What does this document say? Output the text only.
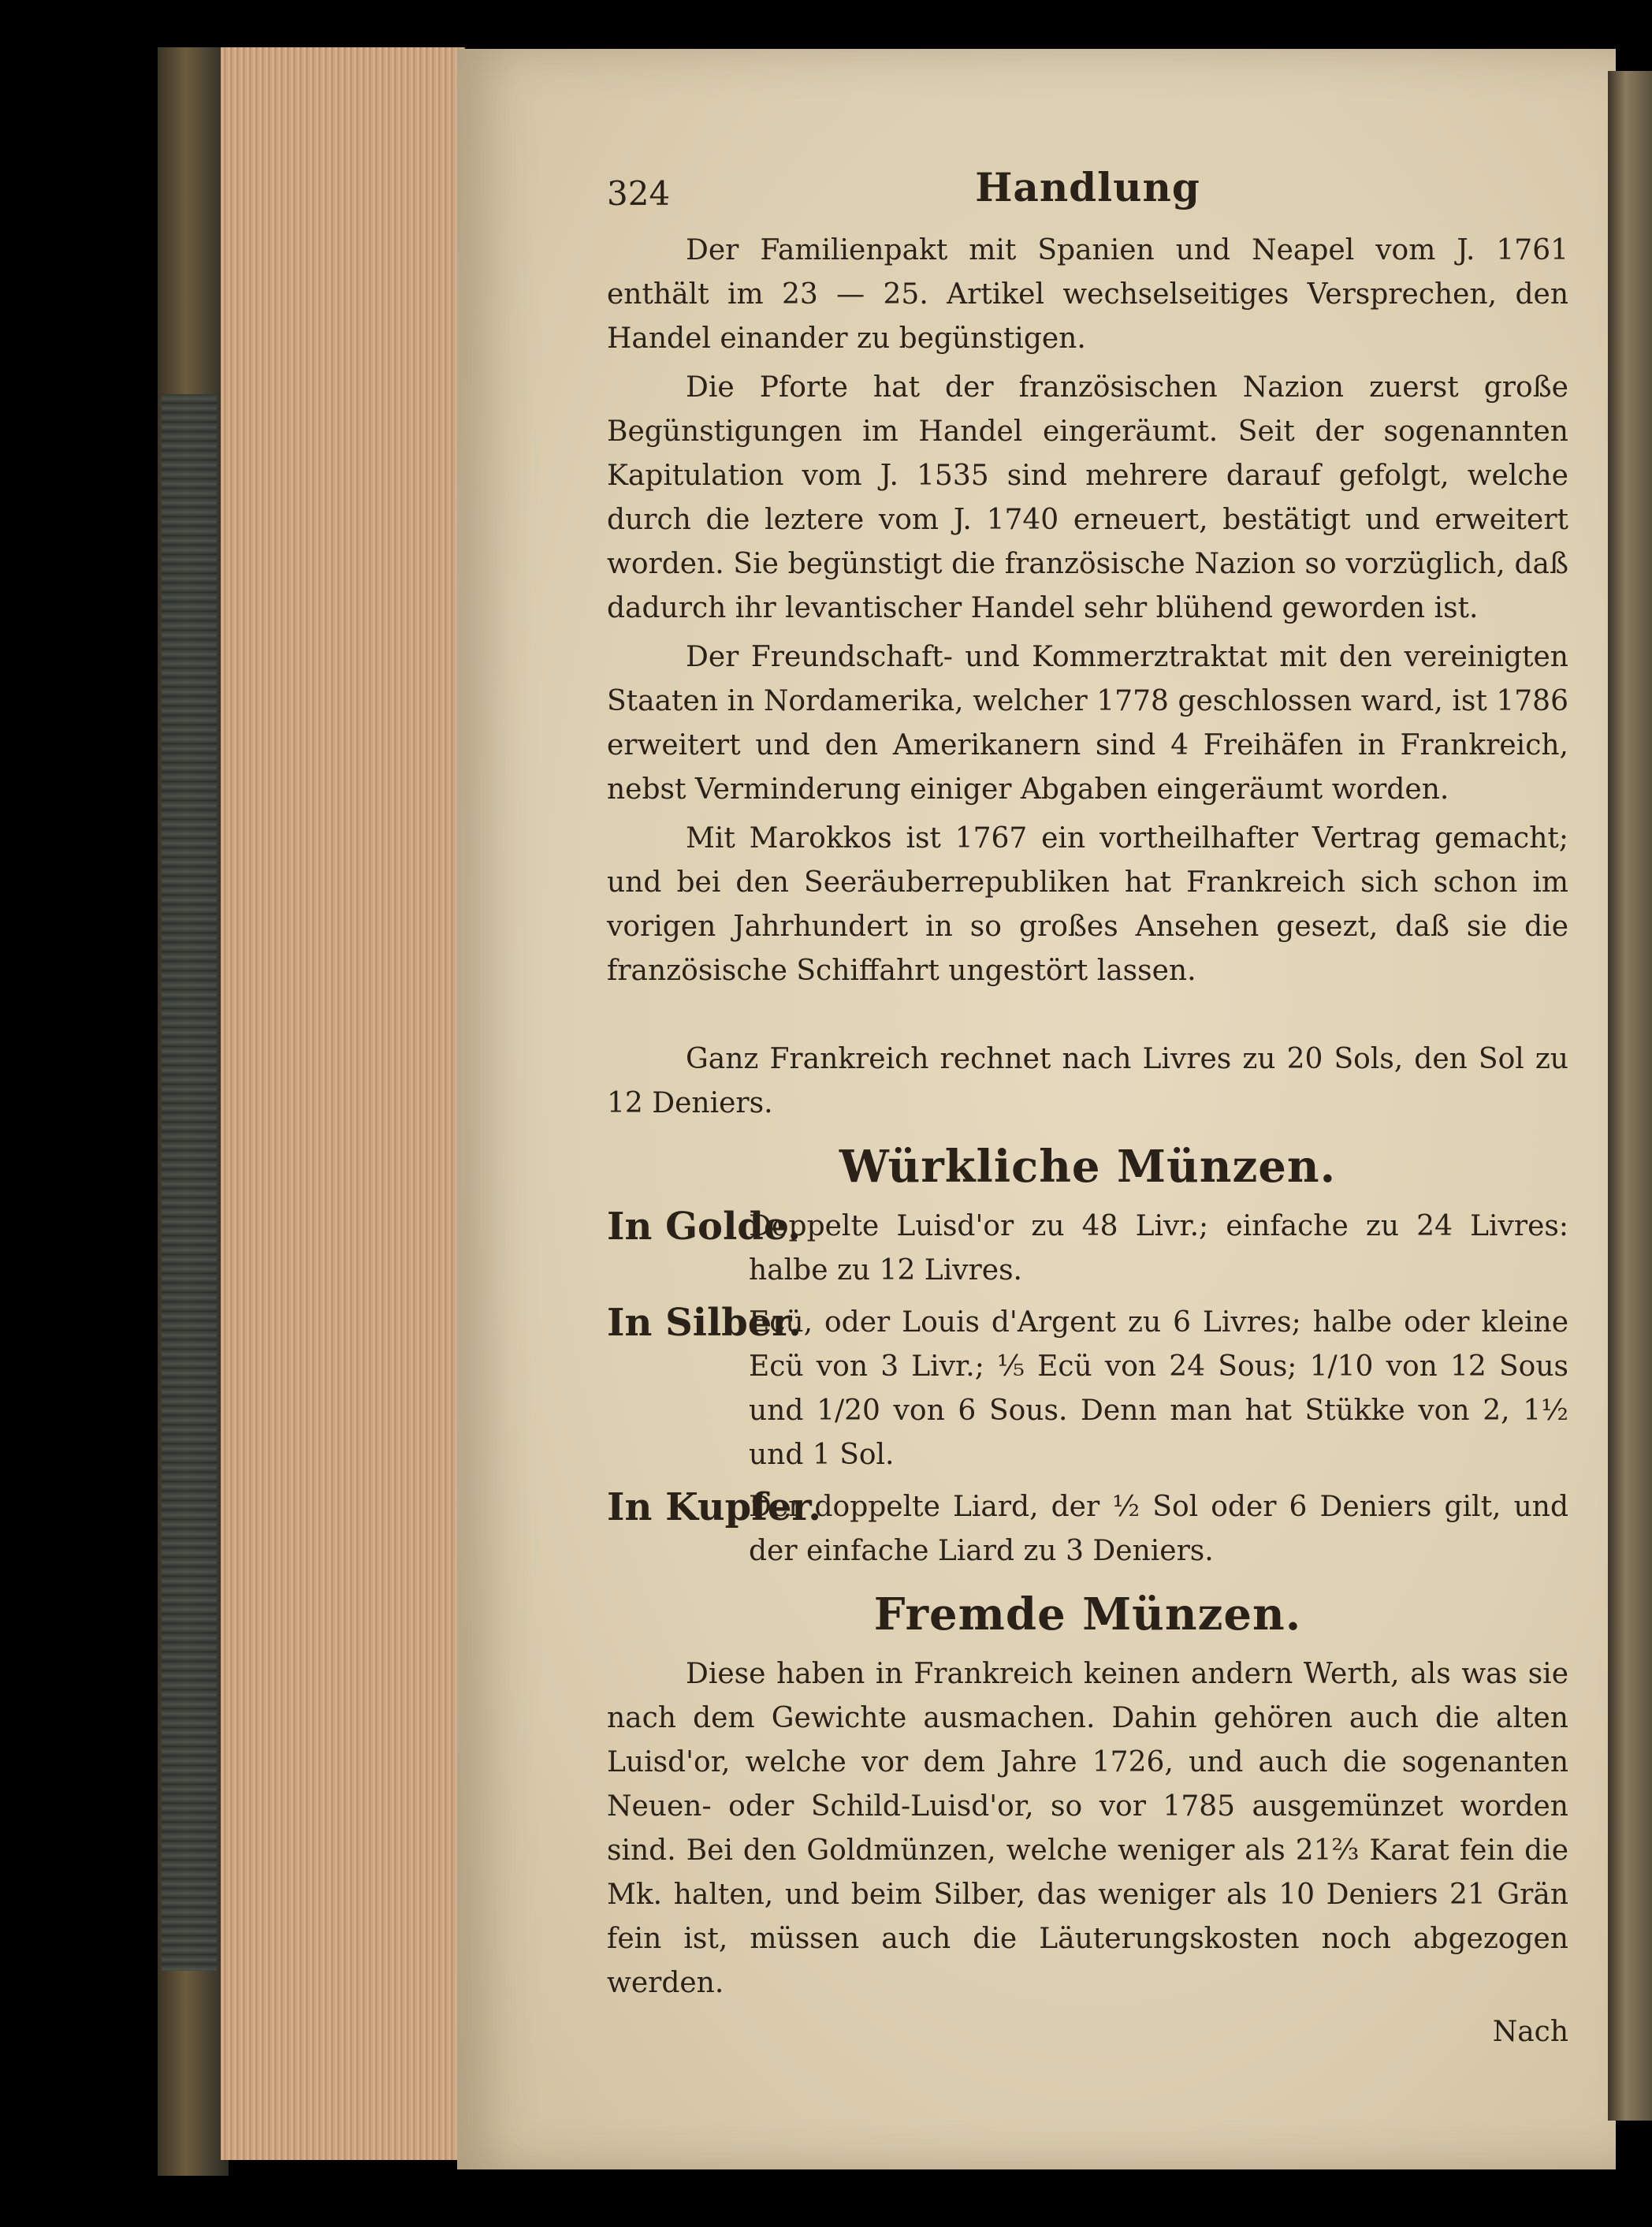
324	Handlung

Der Familienpakt mit Spanien und Neapel vom J. 1761 enthält im 23 — 25. Artikel wechselseitiges Versprechen, den Handel einander zu begünstigen.

Die Pforte hat der französischen Nazion zuerst große Begünstigungen im Handel eingeräumt. Seit der sogenannten Kapitulation vom J. 1535 sind mehrere darauf gefolgt, welche durch die leztere vom J. 1740 erneuert, bestätigt und erweitert worden. Sie begünstigt die französische Nazion so vorzüglich, daß dadurch ihr levantischer Handel sehr blühend geworden ist.

Der Freundschaft- und Kommerztraktat mit den vereinigten Staaten in Nordamerika, welcher 1778 geschlossen ward, ist 1786 erweitert und den Amerikanern sind 4 Freihäfen in Frankreich, nebst Verminderung einiger Abgaben eingeräumt worden.

Mit Marokkos ist 1767 ein vortheilhafter Vertrag gemacht; und bei den Seeräuberrepubliken hat Frankreich sich schon im vorigen Jahrhundert in so großes Ansehen gesezt, daß sie die französische Schiffahrt ungestört lassen.

Ganz Frankreich rechnet nach Livres zu 20 Sols, den Sol zu 12 Deniers.

Würkliche Münzen.
In Golde.
Doppelte Luisd'or zu 48 Livr.; einfache zu 24 Livres: halbe zu 12 Livres.
In Silber.
Ecü, oder Louis d'Argent zu 6 Livres; halbe oder kleine Ecü von 3 Livr.; ⅕ Ecü von 24 Sous; 1/10 von 12 Sous und 1/20 von 6 Sous. Denn man hat Stükke von 2, 1½ und 1 Sol.
In Kupfer.
Der doppelte Liard, der ½ Sol oder 6 Deniers gilt, und der einfache Liard zu 3 Deniers.
Fremde Münzen.

Diese haben in Frankreich keinen andern Werth, als was sie nach dem Gewichte ausmachen. Dahin gehören auch die alten Luisd'or, welche vor dem Jahre 1726, und auch die sogenanten Neuen- oder Schild-Luisd'or, so vor 1785 ausgemünzet worden sind. Bei den Goldmünzen, welche weniger als 21⅔ Karat fein die Mk. halten, und beim Silber, das weniger als 10 Deniers 21 Grän fein ist, müssen auch die Läuterungskosten noch abgezogen werden.

Nach
